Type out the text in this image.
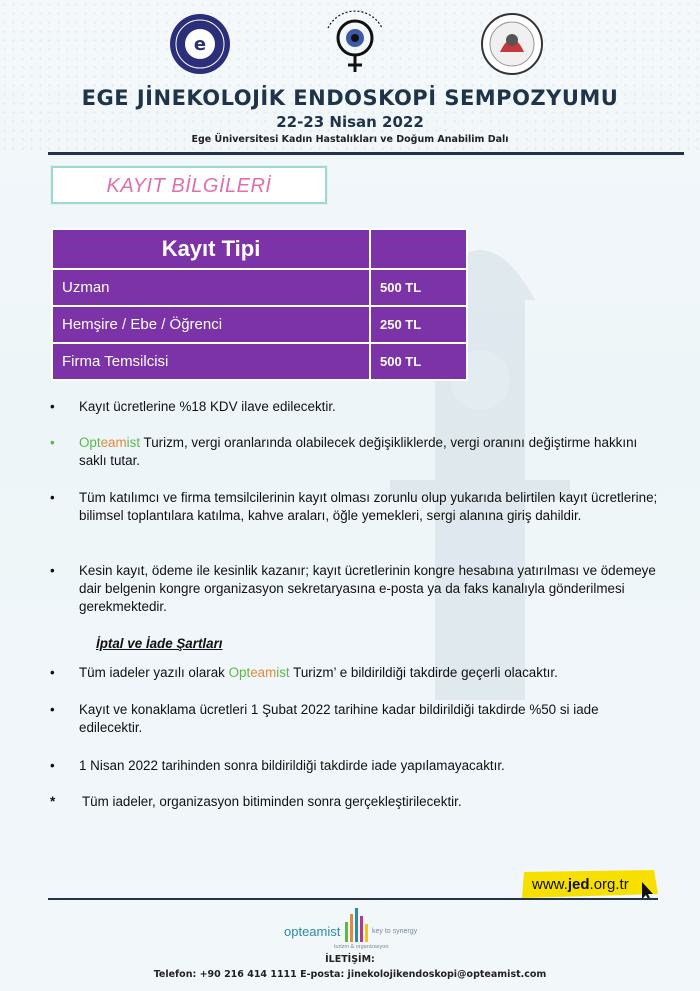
e
EGE JİNEKOLOJİK ENDOSKOPİ SEMPOZYUMU
22-23 Nisan 2022
Ege Üniversitesi Kadın Hastalıkları ve Doğum Anabilim Dalı
KAYIT BİLGİLERİ
Kayıt Tipi	
Uzman	500 TL
Hemşire / Ebe / Öğrenci	250 TL
Firma Temsilcisi	500 TL
• Kayıt ücretlerine %18 KDV ilave edilecektir.
• Opteamist Turizm, vergi oranlarında olabilecek değişikliklerde, vergi oranını değiştirme hakkını saklı tutar.
• Tüm katılımcı ve firma temsilcilerinin kayıt olması zorunlu olup yukarıda belirtilen kayıt ücretlerine; bilimsel toplantılara katılma, kahve araları, öğle yemekleri, sergi alanına giriş dahildir.
• Kesin kayıt, ödeme ile kesinlik kazanır; kayıt ücretlerinin kongre hesabına yatırılması ve ödemeye dair belgenin kongre organizasyon sekretaryasına e-posta ya da faks kanalıyla gönderilmesi gerekmektedir.
İptal ve İade Şartları
• Tüm iadeler yazılı olarak Opteamist Turizm’ e bildirildiği takdirde geçerli olacaktır.
• Kayıt ve konaklama ücretleri 1 Şubat 2022 tarihine kadar bildirildiği takdirde %50 si iade edilecektir.
• 1 Nisan 2022 tarihinden sonra bildirildiği takdirde iade yapılamayacaktır.
* Tüm iadeler, organizasyon bitiminden sonra gerçekleştirilecektir.
www.jed.org.tr
opteamist	key to synergy
turizm & organizasyon
İLETİŞİM:
Telefon: +90 216 414 1111 E-posta: jinekolojikendoskopi@opteamist.com
